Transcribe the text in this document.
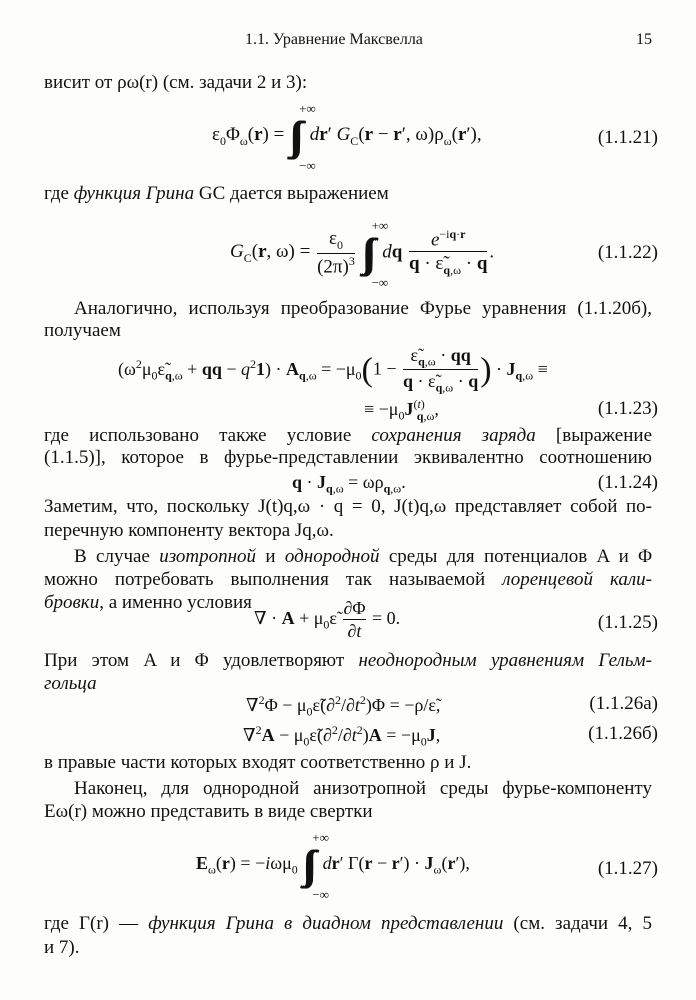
1.1. Уравнение Максвелла	15
висит от ρω(r) (см. задачи 2 и 3):
$\varepsilon_0\Phi_\omega(r)$ = ∫∫∫
+∞
−∞
dr′ $G_C(r - r'$, $\omega)\rho_\omega(r')$,	(1.1.21)
где функция Грина GC дается выражением
$G_C(r$, $\omega) = \frac{\varepsilon_0}{(2\pi)^3}$ ∫∫∫
+∞
−∞
dq $\frac{e^{-iq\cdot r}}{q \cdot \varepsiloñ_{q,\omega} \cdot q}$ .	(1.1.22)
Аналогично, используя преобразование Фурье уравнения (1.1.20б),
получаем
($\omega^2\mu_0\varepsiloñ_{q,\omega}$ + qq − $q^21) \cdot A_{q,\omega} = -\mu_0(1 - \frac{\varepsiloñ_{q,\omega} \cdot qq}{q \cdot \varepsiloñ_{q,\omega} \cdot q}$ ) · $J_{q,\omega}$ ≡
≡ $-\mu_0J^{(t)}_{q,\omega}$,	(1.1.23)
где использовано также условие сохранения заряда [выражение
(1.1.5)], которое в фурье-представлении эквивалентно соотношению
$q \cdot J_{q,\omega} = \omega\rho_{q,\omega}$.	(1.1.24)
Заметим, что, поскольку J(t)q,ω · q = 0, J(t)q,ω представляет собой по-
перечную компоненту вектора Jq,ω.
В случае изотропной и однородной среды для потенциалов A и Φ
можно потребовать выполнения так называемой лоренцевой кали-
бровки, а именно условия
∇ · $A + \mu_0\varepsiloñ \frac{\partial\Phi}{\partial t} = 0$.	(1.1.25)
При этом A и Φ удовлетворяют неоднородным уравнениям Гельм-
гольца
$\nabla^2\Phi - \mu_0\varepsiloñ(\partial^2/\partial t^2)\Phi$ = −ρ/ε̃,	(1.1.26a)
$\nabla^2A - \mu_0\varepsiloñ(\partial^2/\partial t^2)A = -\mu_0J$,	(1.1.26б)
в правые части которых входят соответственно ρ и J.
Наконец, для однородной анизотропной среды фурье-компоненту
Eω(r) можно представить в виде свертки
$E_\omega(r) = -i\omega\mu_0$ ∫∫∫
+∞
−∞
dr′ $\Gamma(r - r') \cdot J_\omega(r')$,	(1.1.27)
где Γ(r) — функция Грина в диадном представлении (см. задачи 4, 5
и 7).
